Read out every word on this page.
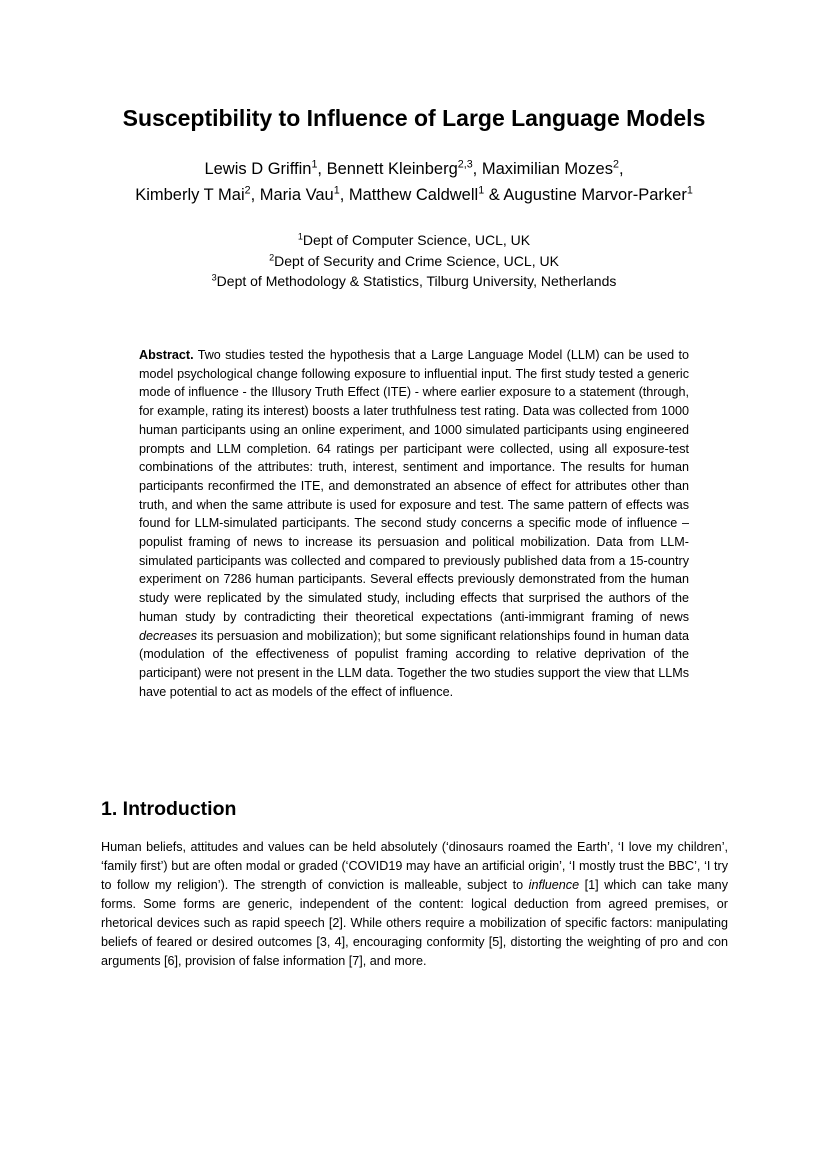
Susceptibility to Influence of Large Language Models
Lewis D Griffin$^1$, Bennett Kleinberg$^{2,3}$, Maximilian Mozes$^2$,
Kimberly T Mai$^2$, Maria Vau$^1$, Matthew Caldwell$^1$ & Augustine Marvor-Parker$^1$
$^1$Dept of Computer Science, UCL, UK
$^2$Dept of Security and Crime Science, UCL, UK
$^3$Dept of Methodology & Statistics, Tilburg University, Netherlands
Abstract. Two studies tested the hypothesis that a Large Language Model (LLM) can be used to model psychological change following exposure to influential input. The first study tested a generic mode of influence - the Illusory Truth Effect (ITE) - where earlier exposure to a statement (through, for example, rating its interest) boosts a later truthfulness test rating. Data was collected from 1000 human participants using an online experiment, and 1000 simulated participants using engineered prompts and LLM completion. 64 ratings per participant were collected, using all exposure-test combinations of the attributes: truth, interest, sentiment and importance. The results for human participants reconfirmed the ITE, and demonstrated an absence of effect for attributes other than truth, and when the same attribute is used for exposure and test. The same pattern of effects was found for LLM-simulated participants. The second study concerns a specific mode of influence – populist framing of news to increase its persuasion and political mobilization. Data from LLM-simulated participants was collected and compared to previously published data from a 15-country experiment on 7286 human participants. Several effects previously demonstrated from the human study were replicated by the simulated study, including effects that surprised the authors of the human study by contradicting their theoretical expectations (anti-immigrant framing of news decreases its persuasion and mobilization); but some significant relationships found in human data (modulation of the effectiveness of populist framing according to relative deprivation of the participant) were not present in the LLM data. Together the two studies support the view that LLMs have potential to act as models of the effect of influence.
1. Introduction
Human beliefs, attitudes and values can be held absolutely (‘dinosaurs roamed the Earth’, ‘I love my children’, ‘family first’) but are often modal or graded (‘COVID19 may have an artificial origin’, ‘I mostly trust the BBC’, ‘I try to follow my religion’). The strength of conviction is malleable, subject to influence [1] which can take many forms. Some forms are generic, independent of the content: logical deduction from agreed premises, or rhetorical devices such as rapid speech [2]. While others require a mobilization of specific factors: manipulating beliefs of feared or desired outcomes [3, 4], encouraging conformity [5], distorting the weighting of pro and con arguments [6], provision of false information [7], and more.
